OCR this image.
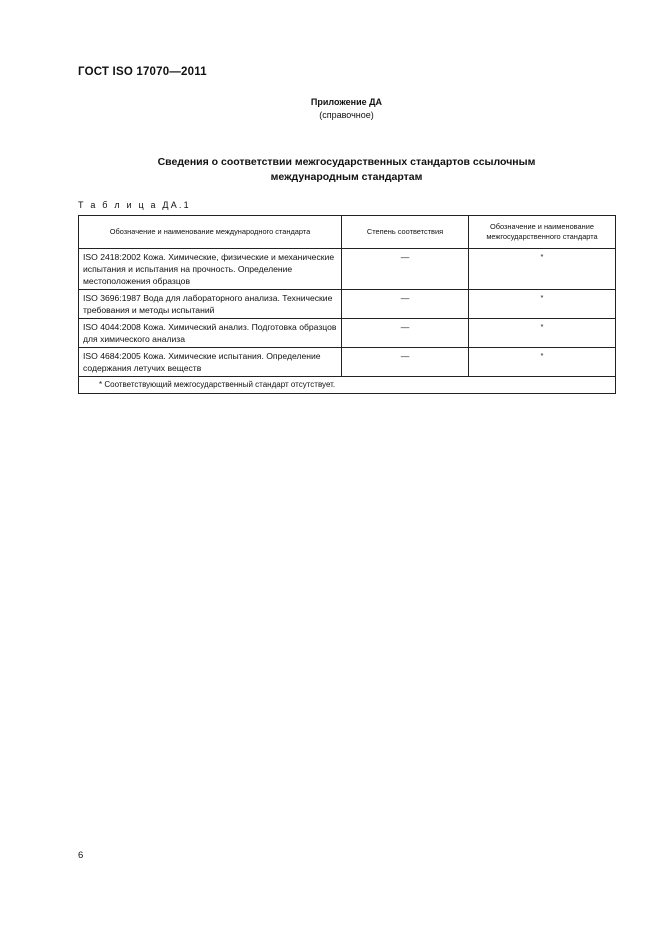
ГОСТ ISO 17070—2011
Приложение ДА
(справочное)
Сведения о соответствии межгосударственных стандартов ссылочным
международным стандартам
Т а б л и ц а ДА.1
Обозначение и наименование международного стандарта	Степень соответствия	Обозначение и наименование межгосударственного стандарта
ISO 2418:2002 Кожа. Химические, физические и механические испытания и испытания на прочность. Определение местоположения образцов	—	*
ISO 3696:1987 Вода для лабораторного анализа. Технические требования и методы испытаний	—	*
ISO 4044:2008 Кожа. Химический анализ. Подготовка образцов для химического анализа	—	*
ISO 4684:2005 Кожа. Химические испытания. Определение содержания летучих веществ	—	*
* Соответствующий межгосударственный стандарт отсутствует.		
6
